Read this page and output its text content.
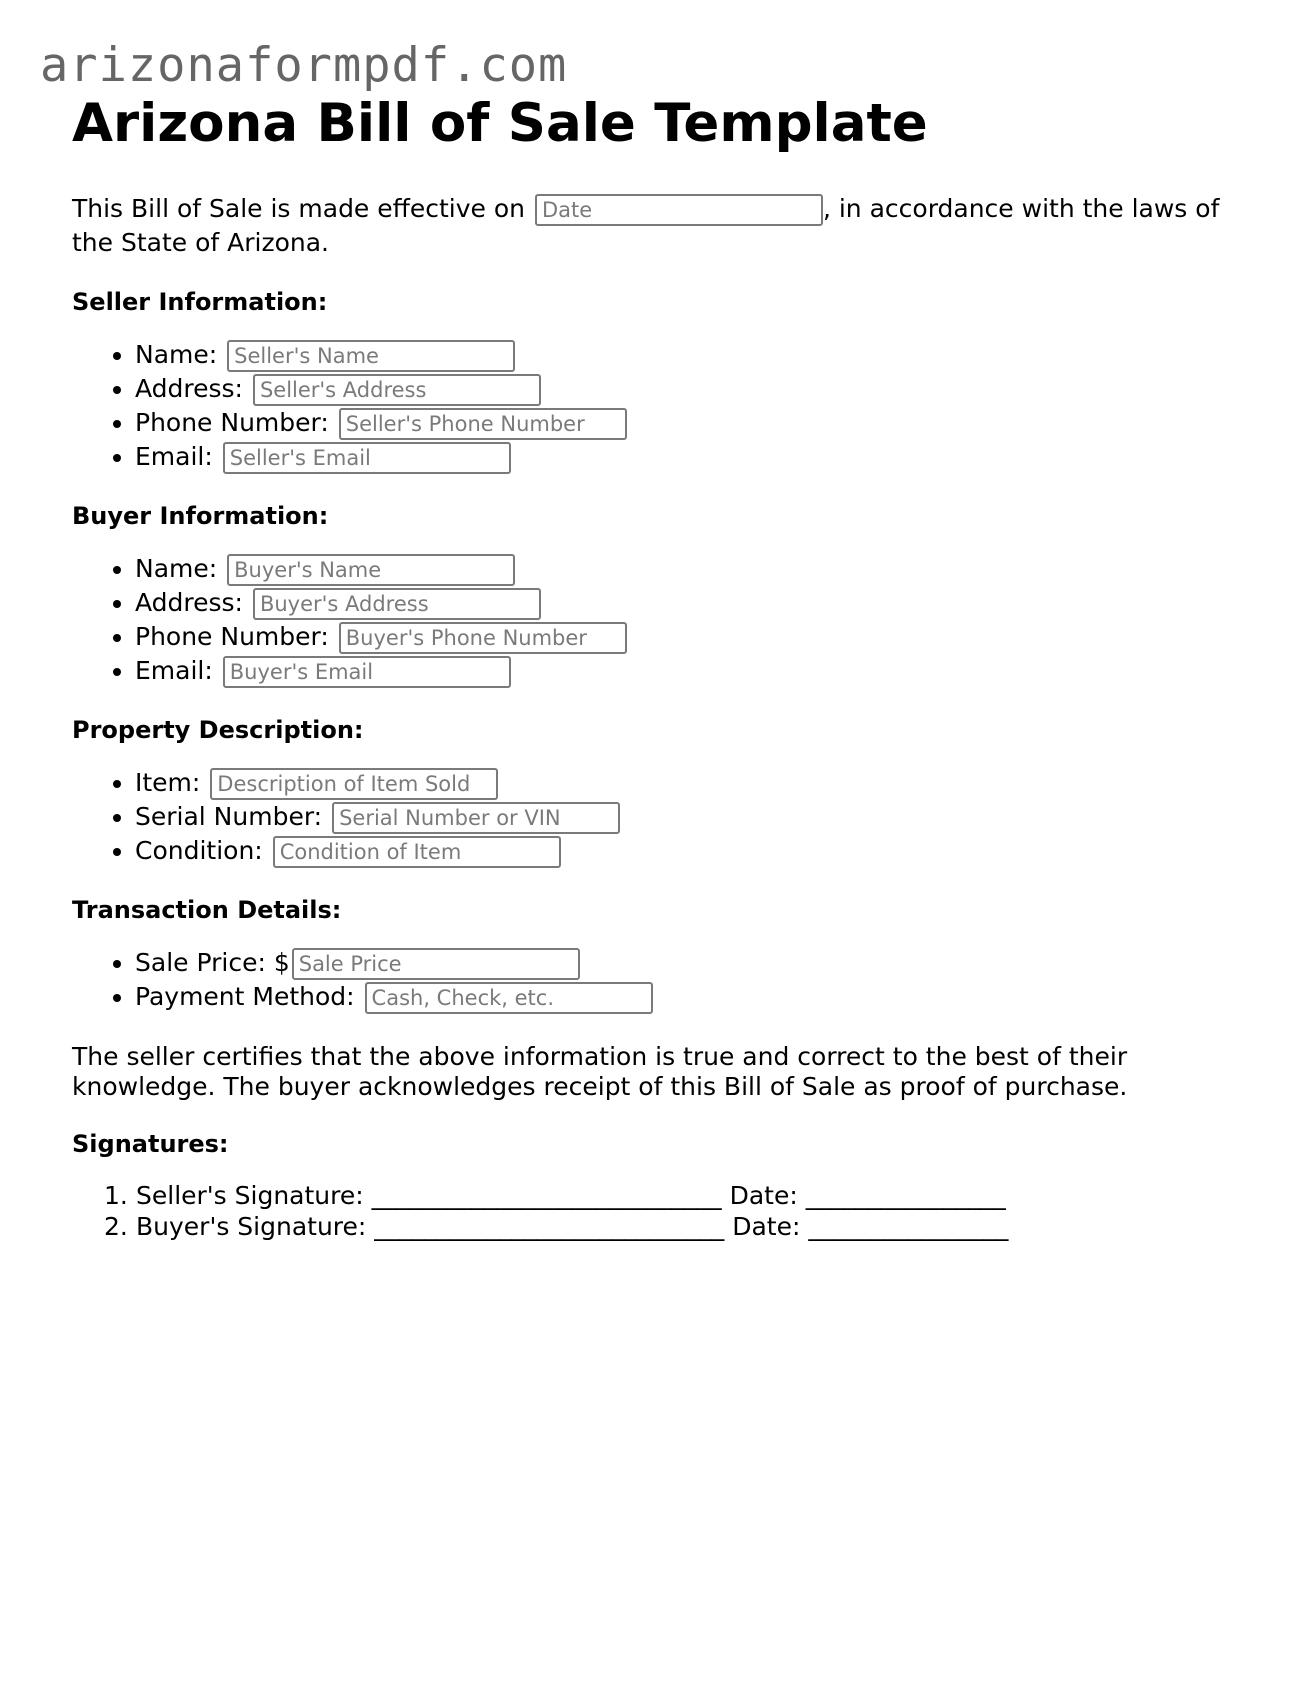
arizonaformpdf.com
Arizona Bill of Sale Template

This Bill of Sale is made effective on Date	, in accordance with the laws of the State of Arizona.

Seller Information:
• Name: Seller's Name
• Address: Seller's Address
• Phone Number: Seller's Phone Number
• Email: Seller's Email
Buyer Information:
• Name: Buyer's Name
• Address: Buyer's Address
• Phone Number: Buyer's Phone Number
• Email: Buyer's Email
Property Description:
• Item: Description of Item Sold
• Serial Number: Serial Number or VIN
• Condition: Condition of Item
Transaction Details:
• Sale Price: $Sale Price
• Payment Method: Cash, Check, etc.

The seller certifies that the above information is true and correct to the best of their knowledge. The buyer acknowledges receipt of this Bill of Sale as proof of purchase.

Signatures:
1. Seller's Signature: ____________________________ Date: ________________
2. Buyer's Signature: ____________________________ Date: ________________
